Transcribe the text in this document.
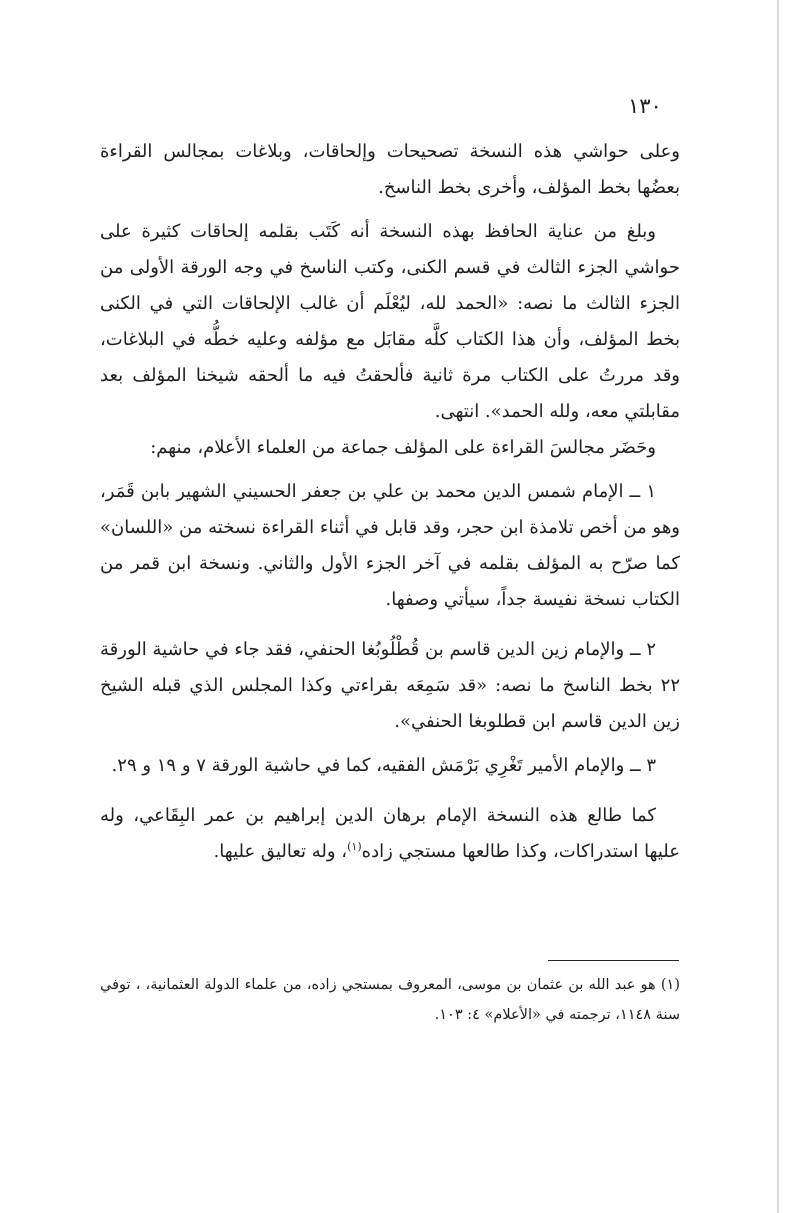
١٣٠

وعلى حواشي هذه النسخة تصحيحات وإلحاقات، وبلاغات بمجالس القراءة بعضُها بخط المؤلف، وأخرى بخط الناسخ.

وبلغ من عناية الحافظ بهذه النسخة أنه كَتَب بقلمه إلحاقات كثيرة على حواشي الجزء الثالث في قسم الكنى، وكتب الناسخ في وجه الورقة الأولى من الجزء الثالث ما نصه: «الحمد لله، ليُعْلَم أن غالب الإلحاقات التي في الكنى بخط المؤلف، وأن هذا الكتاب كلَّه مقابَل مع مؤلفه وعليه خطُّه في البلاغات، وقد مررتُ على الكتاب مرة ثانية فألحقتُ فيه ما ألحقه شيخنا المؤلف بعد مقابلتي معه، ولله الحمد». انتهى.

وحَضَر مجالسَ القراءة على المؤلف جماعة من العلماء الأعلام، منهم:

١ ــ الإمام شمس الدين محمد بن علي بن جعفر الحسيني الشهير بابن قَمَر، وهو من أخص تلامذة ابن حجر، وقد قابل في أثناء القراءة نسخته من «اللسان» كما صرّح به المؤلف بقلمه في آخر الجزء الأول والثاني. ونسخة ابن قمر من الكتاب نسخة نفيسة جداً، سيأتي وصفها.

٢ ــ والإمام زين الدين قاسم بن قُطْلُوبُغا الحنفي، فقد جاء في حاشية الورقة ٢٢ بخط الناسخ ما نصه: «قد سَمِعَه بقراءتي وكذا المجلس الذي قبله الشيخ زين الدين قاسم ابن قطلوبغا الحنفي».

٣ ــ والإمام الأمير تَغْرِي بَرْمَش الفقيه، كما في حاشية الورقة ٧ و ١٩ و ٢٩.

كما طالع هذه النسخة الإمام برهان الدين إبراهيم بن عمر البِقَاعي، وله عليها استدراكات، وكذا طالعها مستجي زاده$^{(١)}$، وله تعاليق عليها.

(١) هو عبد الله بن عثمان بن موسى، المعروف بمستجي زاده، من علماء الدولة العثمانية، ، توفي سنة ١١٤٨، ترجمته في «الأعلام» ٤: ١٠٣.
